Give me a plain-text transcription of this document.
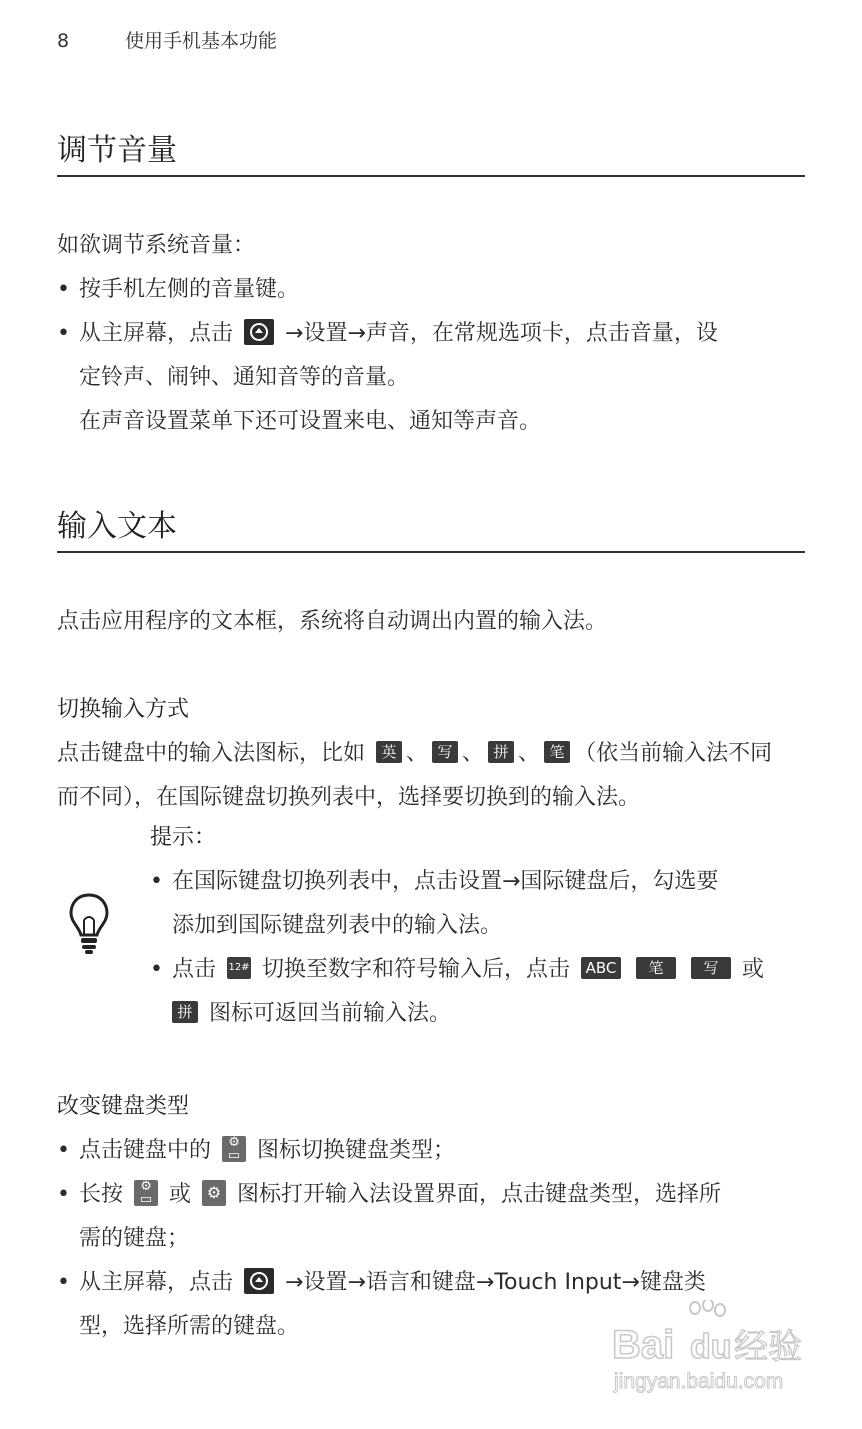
8	使用手机基本功能
调节音量

如欲调节系统音量：

• 按手机左侧的音量键。
• 从主屏幕，点击 →设置→声音，在常规选项卡，点击音量，设
定铃声、闹钟、通知音等的音量。

在声音设置菜单下还可设置来电、通知等声音。

输入文本

点击应用程序的文本框，系统将自动调出内置的输入法。

切换输入方式

点击键盘中的输入法图标，比如 英 、 写 、 拼 、 笔 （依当前输入法不同
而不同），在国际键盘切换列表中，选择要切换到的输入法。

提示：
• 在国际键盘切换列表中，点击设置→国际键盘后，勾选要
添加到国际键盘列表中的输入法。
• 点击 12# 切换至数字和符号输入后，点击 ABC 笔	写 或
拼 图标可返回当前输入法。
改变键盘类型
• 点击键盘中的 ⚙
▭ 图标切换键盘类型；
• 长按 ⚙
▭ 或 ⚙ 图标打开输入法设置界面，点击键盘类型，选择所
需的键盘；
• 从主屏幕，点击 →设置→语言和键盘→Touch Input→键盘类
型，选择所需的键盘。	Bai du 经验
jingyan.baidu.com
